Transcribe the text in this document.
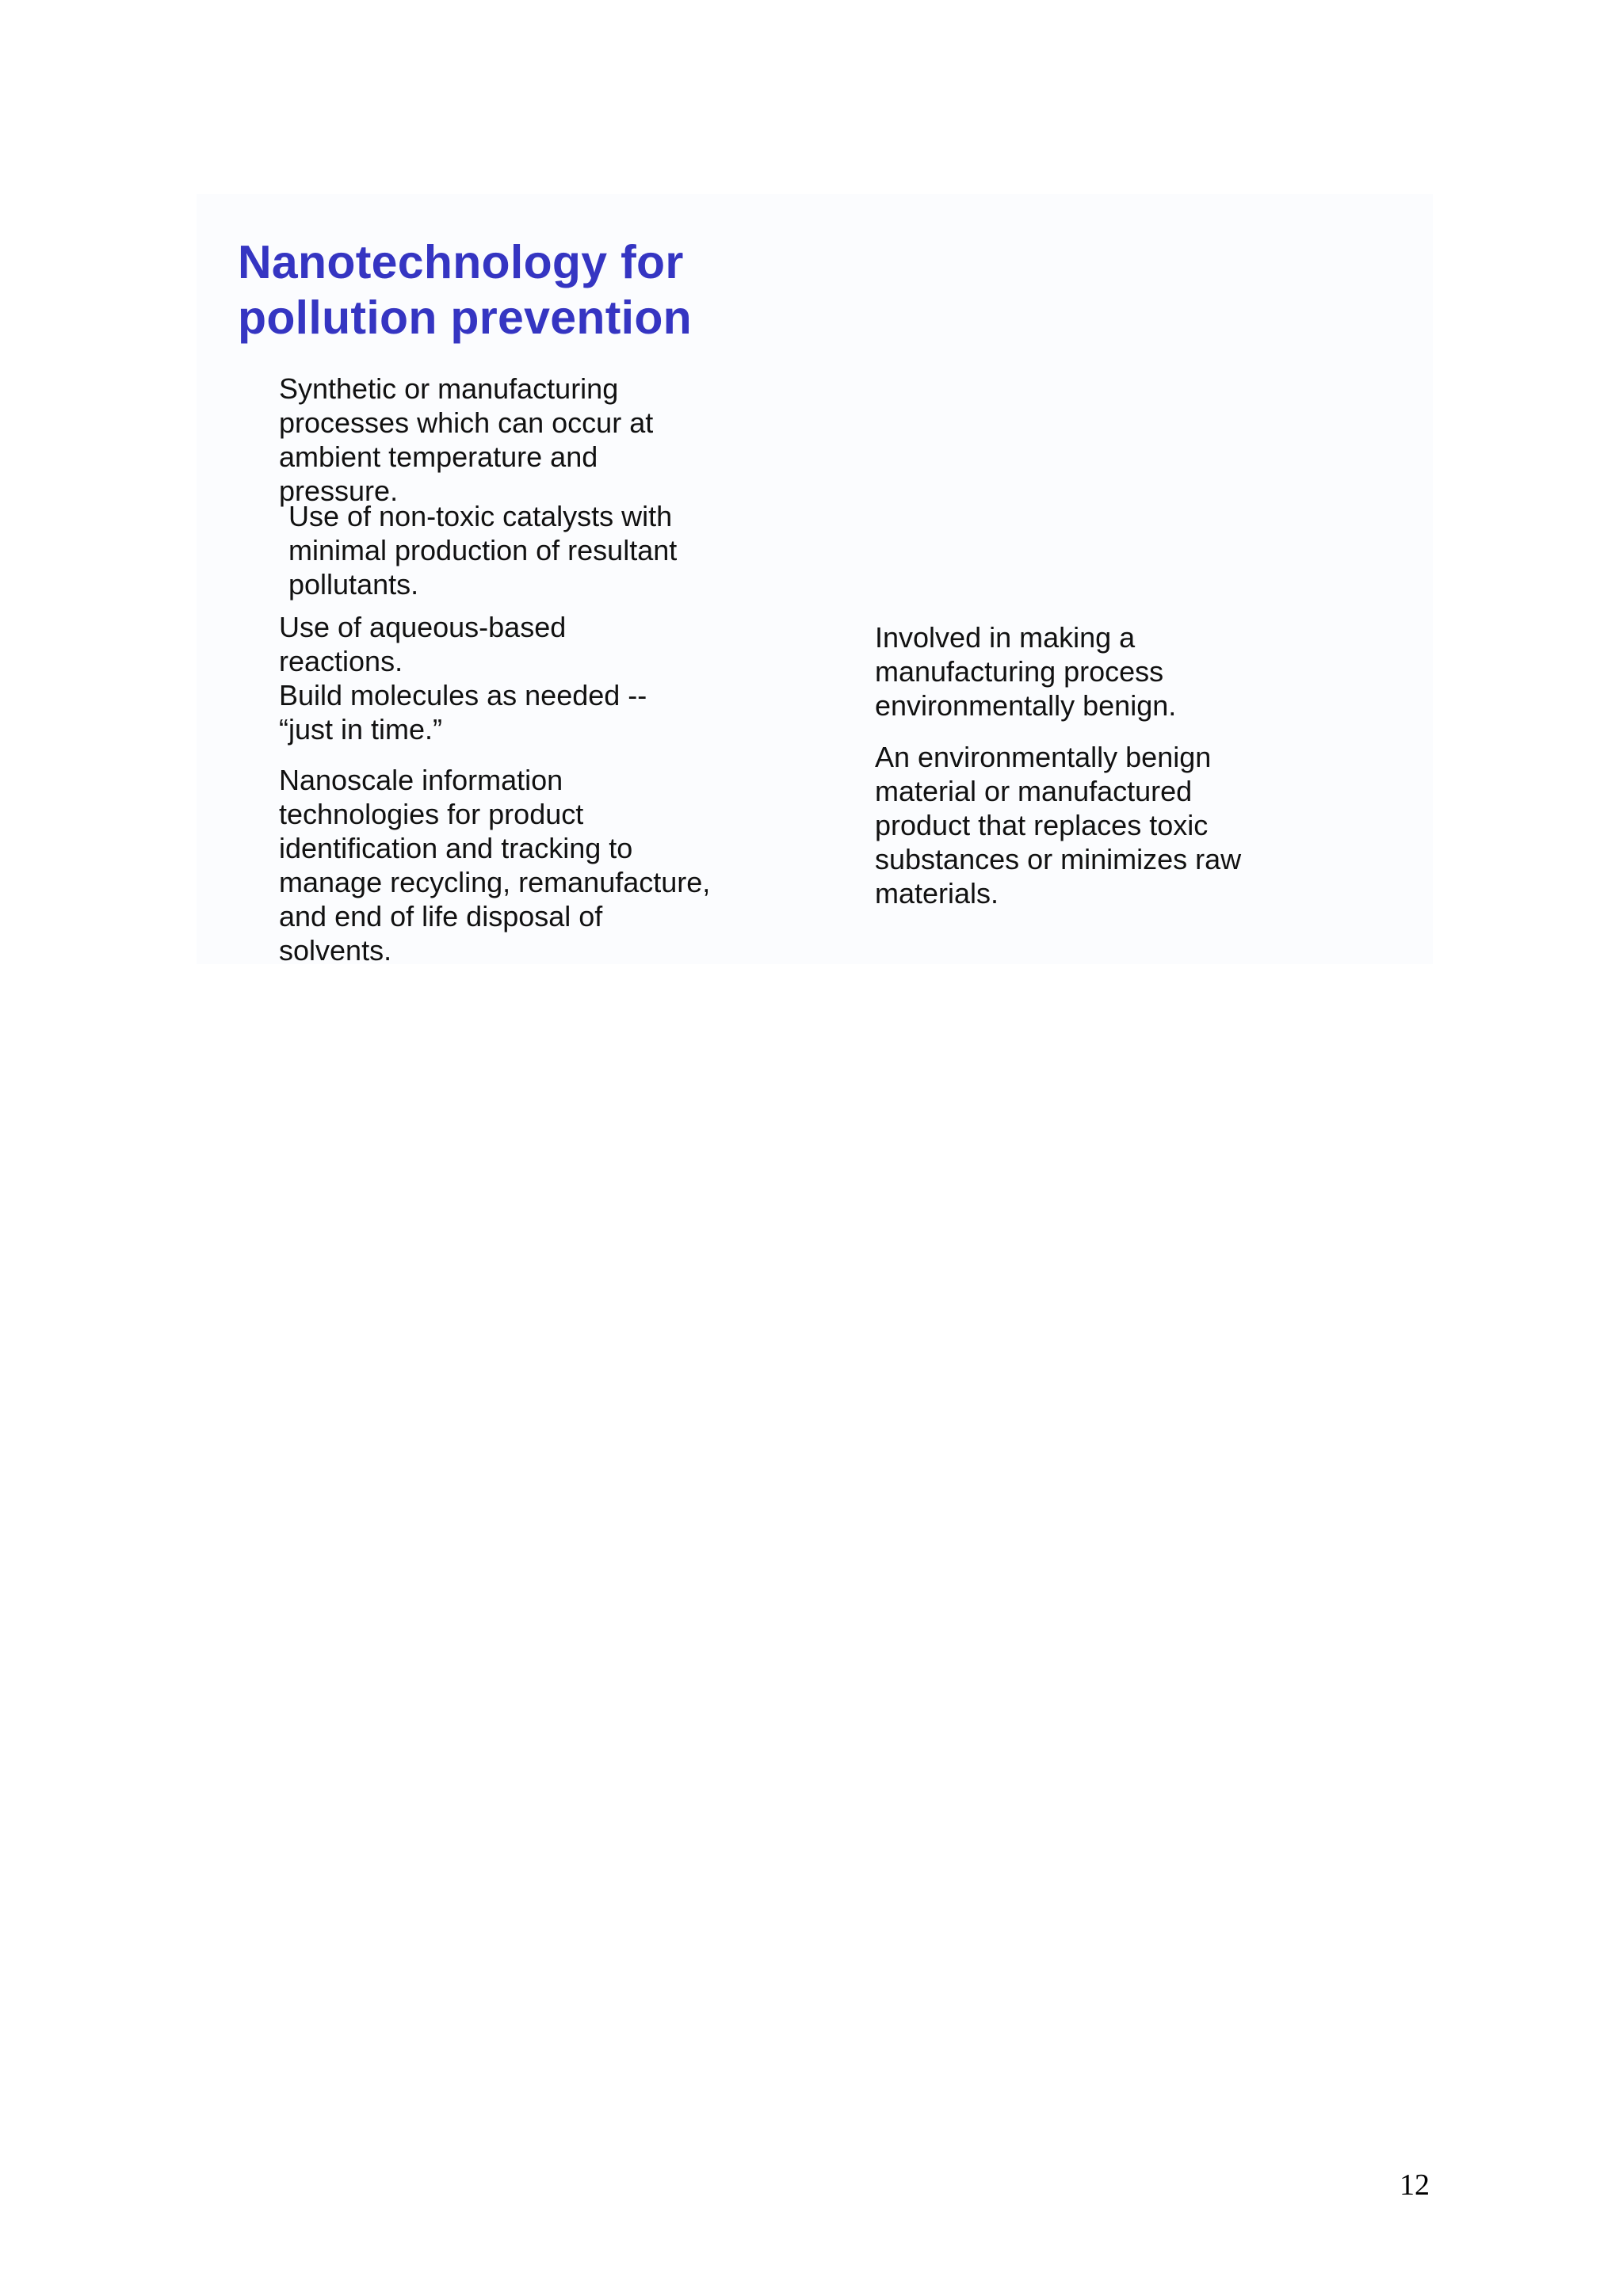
Nanotechnology for
pollution prevention

Synthetic or manufacturing processes which can occur at ambient temperature and pressure.

Use of non-toxic catalysts with minimal production of resultant pollutants.

Use of aqueous-based reactions.

Build molecules as needed -- “just in time.”

Nanoscale information technologies for product identification and tracking to manage recycling, remanufacture, and end of life disposal of solvents.

Involved in making a manufacturing process environmentally benign.

An environmentally benign material or manufactured product that replaces toxic substances or minimizes raw materials.

12
